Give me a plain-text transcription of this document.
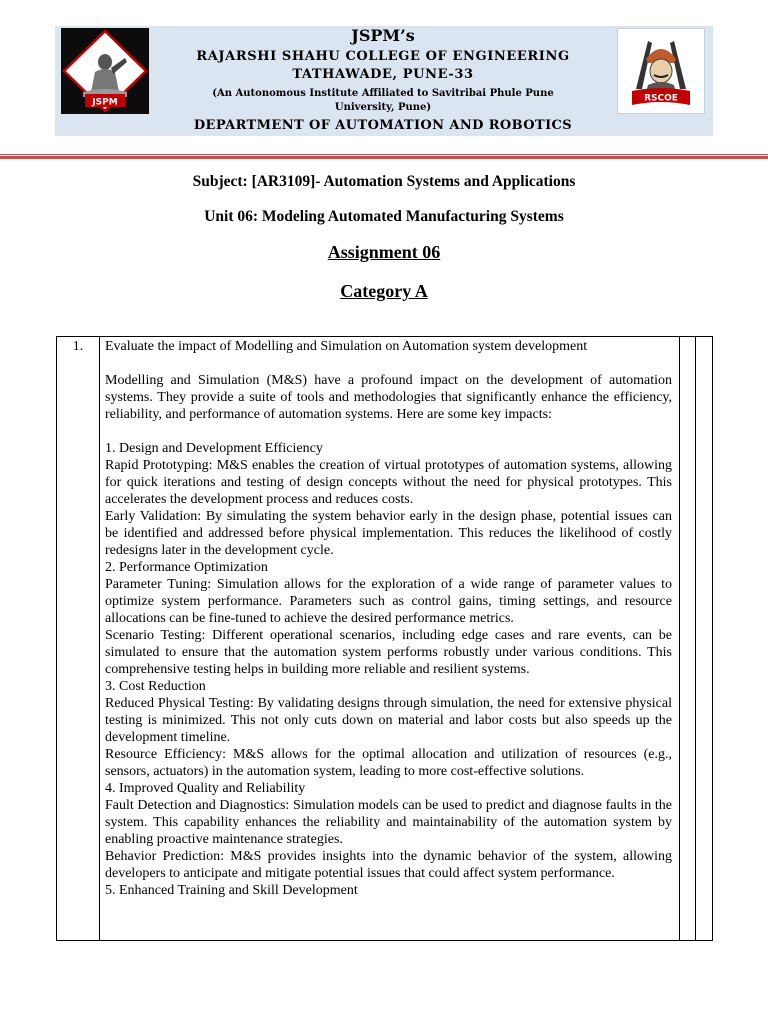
JSPM
JSPM’s
RAJARSHI SHAHU COLLEGE OF ENGINEERING
TATHAWADE, PUNE-33
(An Autonomous Institute Affiliated to Savitribai Phule Pune
University, Pune)
DEPARTMENT OF AUTOMATION AND ROBOTICS
RSCOE
Subject: [AR3109]- Automation Systems and Applications
Unit 06: Modeling Automated Manufacturing Systems
Assignment 06
Category A
1.	Evaluate the impact of Modelling and Simulation on Automation system development

Modelling and Simulation (M&S) have a profound impact on the development of automation systems. They provide a suite of tools and methodologies that significantly enhance the efficiency, reliability, and performance of automation systems. Here are some key impacts:

1. Design and Development Efficiency

Rapid Prototyping: M&S enables the creation of virtual prototypes of automation systems, allowing for quick iterations and testing of design concepts without the need for physical prototypes. This accelerates the development process and reduces costs.

Early Validation: By simulating the system behavior early in the design phase, potential issues can be identified and addressed before physical implementation. This reduces the likelihood of costly redesigns later in the development cycle.

2. Performance Optimization

Parameter Tuning: Simulation allows for the exploration of a wide range of parameter values to optimize system performance. Parameters such as control gains, timing settings, and resource allocations can be fine-tuned to achieve the desired performance metrics.

Scenario Testing: Different operational scenarios, including edge cases and rare events, can be simulated to ensure that the automation system performs robustly under various conditions. This comprehensive testing helps in building more reliable and resilient systems.

3. Cost Reduction

Reduced Physical Testing: By validating designs through simulation, the need for extensive physical testing is minimized. This not only cuts down on material and labor costs but also speeds up the development timeline.

Resource Efficiency: M&S allows for the optimal allocation and utilization of resources (e.g., sensors, actuators) in the automation system, leading to more cost-effective solutions.

4. Improved Quality and Reliability

Fault Detection and Diagnostics: Simulation models can be used to predict and diagnose faults in the system. This capability enhances the reliability and maintainability of the automation system by enabling proactive maintenance strategies.

Behavior Prediction: M&S provides insights into the dynamic behavior of the system, allowing developers to anticipate and mitigate potential issues that could affect system performance.

5. Enhanced Training and Skill Development
